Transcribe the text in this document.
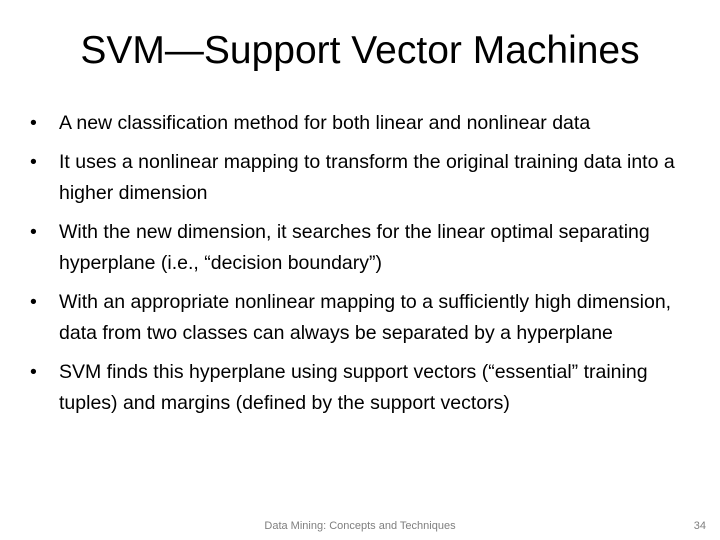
SVM—Support Vector Machines
• A new classification method for both linear and nonlinear data
• It uses a nonlinear mapping to transform the original training data into a higher dimension
• With the new dimension, it searches for the linear optimal separating hyperplane (i.e., “decision boundary”)
• With an appropriate nonlinear mapping to a sufficiently high dimension, data from two classes can always be separated by a hyperplane
• SVM finds this hyperplane using support vectors (“essential” training tuples) and margins (defined by the support vectors)
Data Mining: Concepts and Techniques	34
